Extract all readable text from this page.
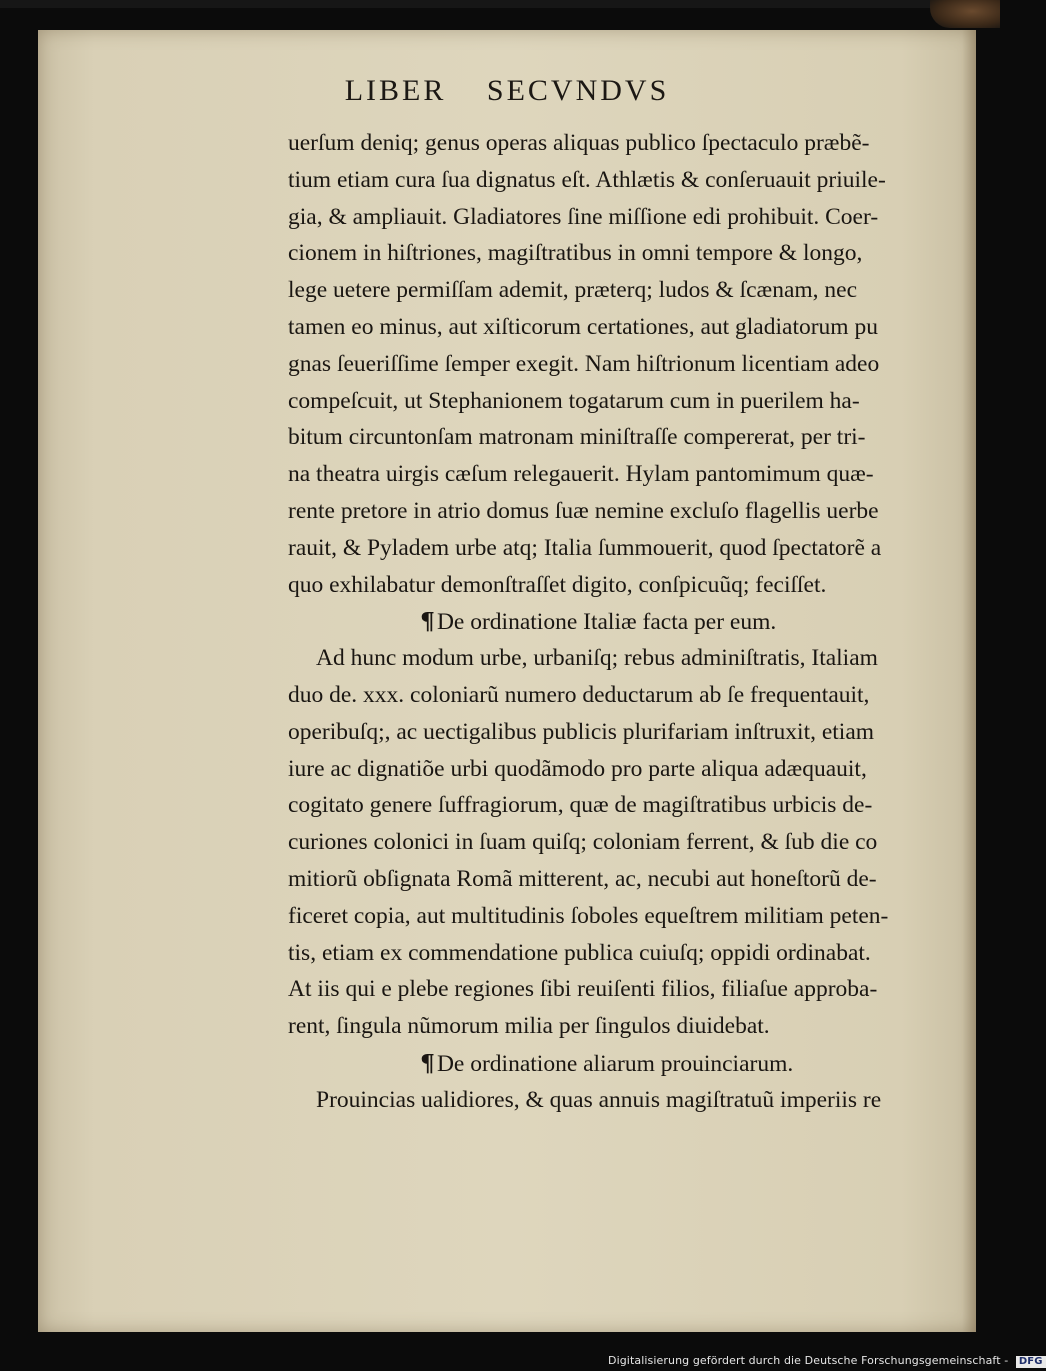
LIBER SECVNDVS
uerſum deniq; genus operas aliquas publico ſpectaculo præbẽ-
tium etiam cura ſua dignatus eſt. Athlætis & conſeruauit priuile-
gia, & ampliauit. Gladiatores ſine miſſione edi prohibuit. Coer-
cionem in hiſtriones, magiſtratibus in omni tempore & longo,
lege uetere permiſſam ademit, præterq; ludos & ſcænam, nec
tamen eo minus, aut xiſticorum certationes, aut gladiatorum pu
gnas ſeueriſſime ſemper exegit. Nam hiſtrionum licentiam adeo
compeſcuit, ut Stephanionem togatarum cum in puerilem ha-
bitum circuntonſam matronam miniſtraſſe compererat, per tri-
na theatra uirgis cæſum relegauerit. Hylam pantomimum quæ-
rente pretore in atrio domus ſuæ nemine excluſo flagellis uerbe
rauit, & Pyladem urbe atq; Italia ſummouerit, quod ſpectatorẽ a
quo exhilabatur demonſtraſſet digito, conſpicuũq; feciſſet.
¶De ordinatione Italiæ facta per eum.
Ad hunc modum urbe, urbaniſq; rebus adminiſtratis, Italiam
duo de. xxx. coloniarũ numero deductarum ab ſe frequentauit,
operibuſq;, ac uectigalibus publicis plurifariam inſtruxit, etiam
iure ac dignatiõe urbi quodãmodo pro parte aliqua adæquauit,
cogitato genere ſuffragiorum, quæ de magiſtratibus urbicis de-
curiones colonici in ſuam quiſq; coloniam ferrent, & ſub die co
mitiorũ obſignata Romã mitterent, ac, necubi aut honeſtorũ de-
ficeret copia, aut multitudinis ſoboles equeſtrem militiam peten-
tis, etiam ex commendatione publica cuiuſq; oppidi ordinabat.
At iis qui e plebe regiones ſibi reuiſenti filios, filiaſue approba-
rent, ſingula nũmorum milia per ſingulos diuidebat.
¶De ordinatione aliarum prouinciarum.
Prouincias ualidiores, & quas annuis magiſtratuũ imperiis re
Digitalisierung gefördert durch die Deutsche Forschungsgemeinschaft - DFG
